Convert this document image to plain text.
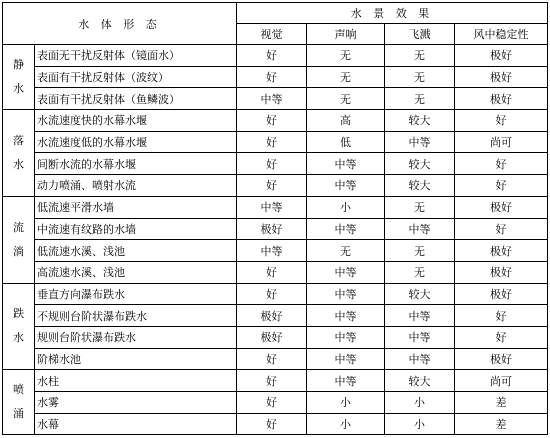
水 体 形 态		水 景 效 果			
		视觉	声响	飞溅	风中稳定性

静
水	表面无干扰反射体（镜面水）	好	无	无	极好
	表面有干扰反射体（波纹）	好	无	无	极好
	表面有干扰反射体（鱼鳞波）	中等	无	无	极好

落
水	水流速度快的水幕水堰	好	高	较大	好
	水流速度低的水幕水堰	好	低	中等	尚可
	间断水流的水幕水堰	好	中等	较大	好
	动力喷涌、喷射水流	好	中等	较大	好

流
淌	低流速平滑水墙	中等	小	无	极好
	中流速有纹路的水墙	极好	中等	中等	好
	低流速水溪、浅池	中等	无	无	极好
	高流速水溪、浅池	好	中等	无	极好

跌
水	垂直方向瀑布跌水	好	中等	较大	极好
	不规则台阶状瀑布跌水	极好	中等	中等	好
	规则台阶状瀑布跌水	极好	中等	中等	好
	阶梯水池	好	中等	中等	极好

喷
涌	水柱	好	中等	较大	尚可
	水雾	好	小	小	差
	水幕	好	小	小	差
